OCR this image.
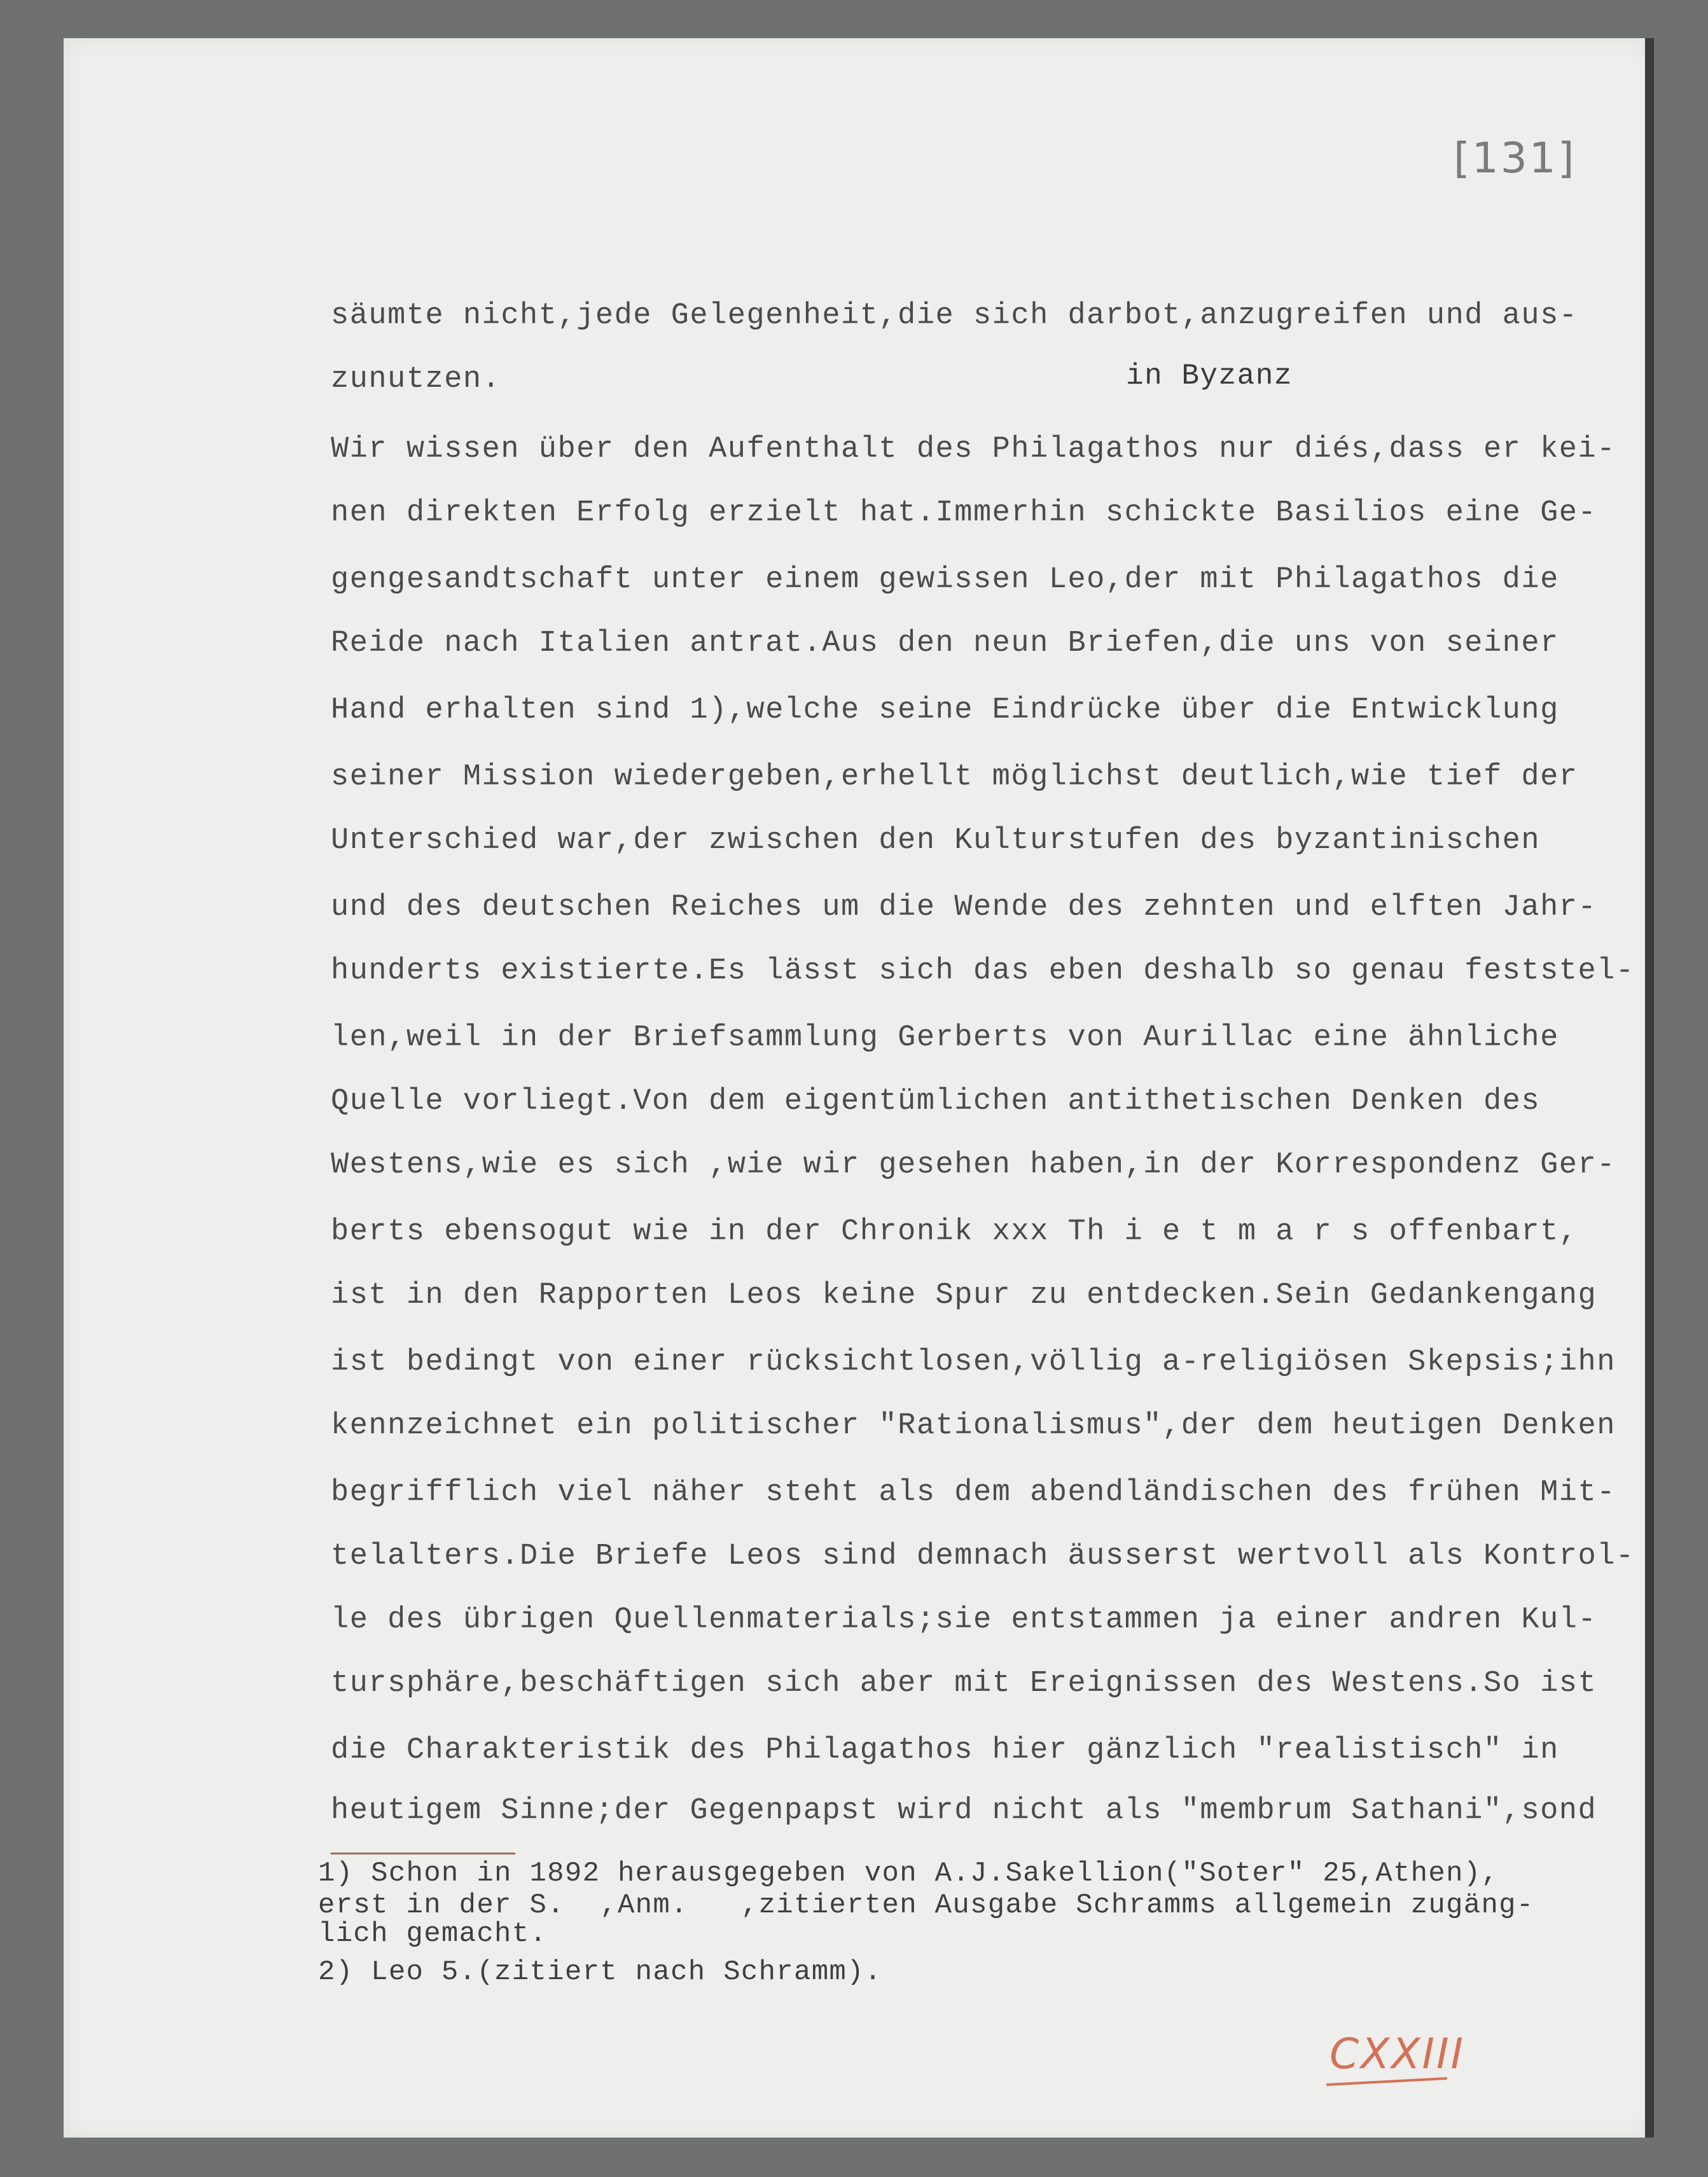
[131]
in Byzanz
säumte nicht,jede Gelegenheit,die sich darbot,anzugreifen und aus-
zunutzen.
Wir wissen über den Aufenthalt des Philagathos nur diés,dass er kei-
nen direkten Erfolg erzielt hat.Immerhin schickte Basilios eine Ge-
gengesandtschaft unter einem gewissen Leo,der mit Philagathos die
Reide nach Italien antrat.Aus den neun Briefen,die uns von seiner
Hand erhalten sind 1),welche seine Eindrücke über die Entwicklung
seiner Mission wiedergeben,erhellt möglichst deutlich,wie tief der
Unterschied war,der zwischen den Kulturstufen des byzantinischen
und des deutschen Reiches um die Wende des zehnten und elften Jahr-
hunderts existierte.Es lässt sich das eben deshalb so genau feststel-
len,weil in der Briefsammlung Gerberts von Aurillac eine ähnliche
Quelle vorliegt.Von dem eigentümlichen antithetischen Denken des
Westens,wie es sich ,wie wir gesehen haben,in der Korrespondenz Ger-
berts ebensogut wie in der Chronik xxx Th i e t m a r s offenbart,
ist in den Rapporten Leos keine Spur zu entdecken.Sein Gedankengang
ist bedingt von einer rücksichtlosen,völlig a-religiösen Skepsis;ihn
kennzeichnet ein politischer "Rationalismus",der dem heutigen Denken
begrifflich viel näher steht als dem abendländischen des frühen Mit-
telalters.Die Briefe Leos sind demnach äusserst wertvoll als Kontrol-
le des übrigen Quellenmaterials;sie entstammen ja einer andren Kul-
tursphäre,beschäftigen sich aber mit Ereignissen des Westens.So ist
die Charakteristik des Philagathos hier gänzlich "realistisch" in
heutigem Sinne;der Gegenpapst wird nicht als "membrum Sathani",sond
1) Schon in 1892 herausgegeben von A.J.Sakellion("Soter" 25,Athen),
erst in der S.  ,Anm.   ,zitierten Ausgabe Schramms allgemein zugäng-
lich gemacht.
2) Leo 5.(zitiert nach Schramm).
CXXIII
